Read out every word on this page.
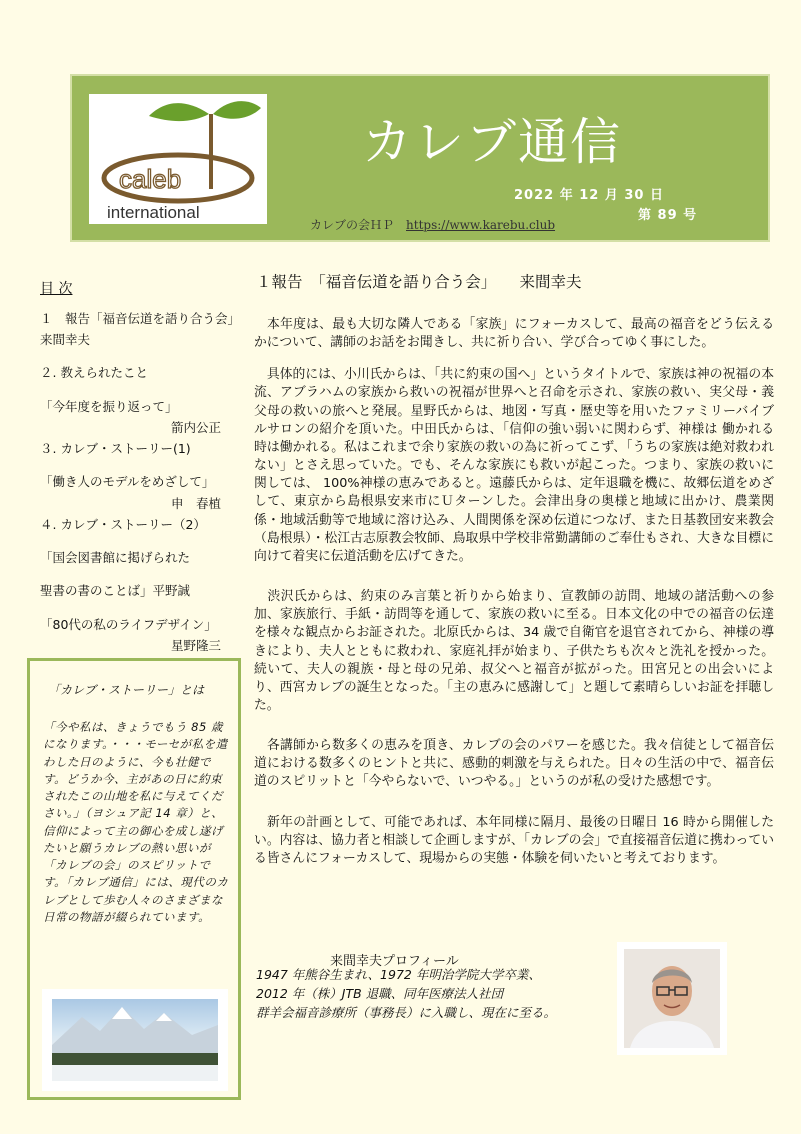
caleb
international
カレブ通信
2022 年 12 月 30 日
第 89 号
カレブの会ＨＰ https://www.karebu.club
目 次
１　報告「福音伝道を語り合う会」　来間幸夫
２. 教えられたこと
「今年度を振り返って」
箭内公正
３. カレブ・ストーリー(1)
「働き人のモデルをめざして」
申　春植
４. カレブ・ストーリー（2）
「国会図書館に掲げられた
聖書の書のことば」平野誠
「80代の私のライフデザイン」
星野隆三
「カレブ・ストーリー」とは
「今や私は、きょうでもう 85 歳になります。・・・モーセが私を遣わした日のように、今も壮健です。どうか今、主があの日に約束されたこの山地を私に与えてください。」（ヨシュア記 14 章）と、信仰によって主の御心を成し遂げたいと願うカレブの熱い思いが「カレブの会」のスピリットです。「カレブ通信」には、現代のカレブとして歩む人々のさまざまな日常の物語が綴られています。
１報告　「福音伝道を語り合う会」　　来間幸夫

　本年度は、最も大切な隣人である「家族」にフォーカスして、最高の福音をどう伝えるかについて、講師のお話をお聞きし、共に祈り合い、学び合ってゆく事にした。

　具体的には、小川氏からは、「共に約束の国へ」というタイトルで、家族は神の祝福の本流、アブラハムの家族から救いの祝福が世界へと召命を示され、家族の救い、実父母・義父母の救いの旅へと発展。星野氏からは、地図・写真・歴史等を用いたファミリーバイブルサロンの紹介を頂いた。中田氏からは、「信仰の強い弱いに関わらず、神様は 働かれる時は働かれる。私はこれまで余り家族の救いの為に祈ってこず、「うちの家族は絶対救われない」とさえ思っていた。でも、そんな家族にも救いが起こった。つまり、家族の救いに関しては、 100%神様の恵みであると。遠藤氏からは、定年退職を機に、故郷伝道をめざして、東京から島根県安来市にＵターンした。会津出身の奥様と地域に出かけ、農業関係・地域活動等で地域に溶け込み、人間関係を深め伝道につなげ、また日基教団安来教会（島根県）・松江古志原教会牧師、鳥取県中学校非常勤講師のご奉仕もされ、大きな目標に向けて着実に伝道活動を広げてきた。

　渋沢氏からは、約束のみ言葉と祈りから始まり、宣教師の訪問、地域の諸活動への参加、家族旅行、手紙・訪問等を通して、家族の救いに至る。日本文化の中での福音の伝達を様々な観点からお証された。北原氏からは、34 歳で自衛官を退官されてから、神様の導きにより、夫人とともに救われ、家庭礼拝が始まり、子供たちも次々と洗礼を授かった。続いて、夫人の親族・母と母の兄弟、叔父へと福音が拡がった。田宮兄との出会いにより、西宮カレブの誕生となった。「主の恵みに感謝して」と題して素晴らしいお証を拝聴した。

　各講師から数多くの恵みを頂き、カレブの会のパワーを感じた。我々信徒として福音伝道における数多くのヒントと共に、感動的刺激を与えられた。日々の生活の中で、福音伝道のスピリットと「今やらないで、いつやる。」というのが私の受けた感想です。

　新年の計画として、可能であれば、本年同様に隔月、最後の日曜日 16 時から開催したい。内容は、協力者と相談して企画しますが、「カレブの会」で直接福音伝道に携わっている皆さんにフォーカスして、現場からの実態・体験を伺いたいと考えております。

来間幸夫プロフィール
1947 年熊谷生まれ、1972 年明治学院大学卒業、
2012 年（株）JTB 退職、同年医療法人社団
群羊会福音診療所（事務長）に入職し、現在に至る。
